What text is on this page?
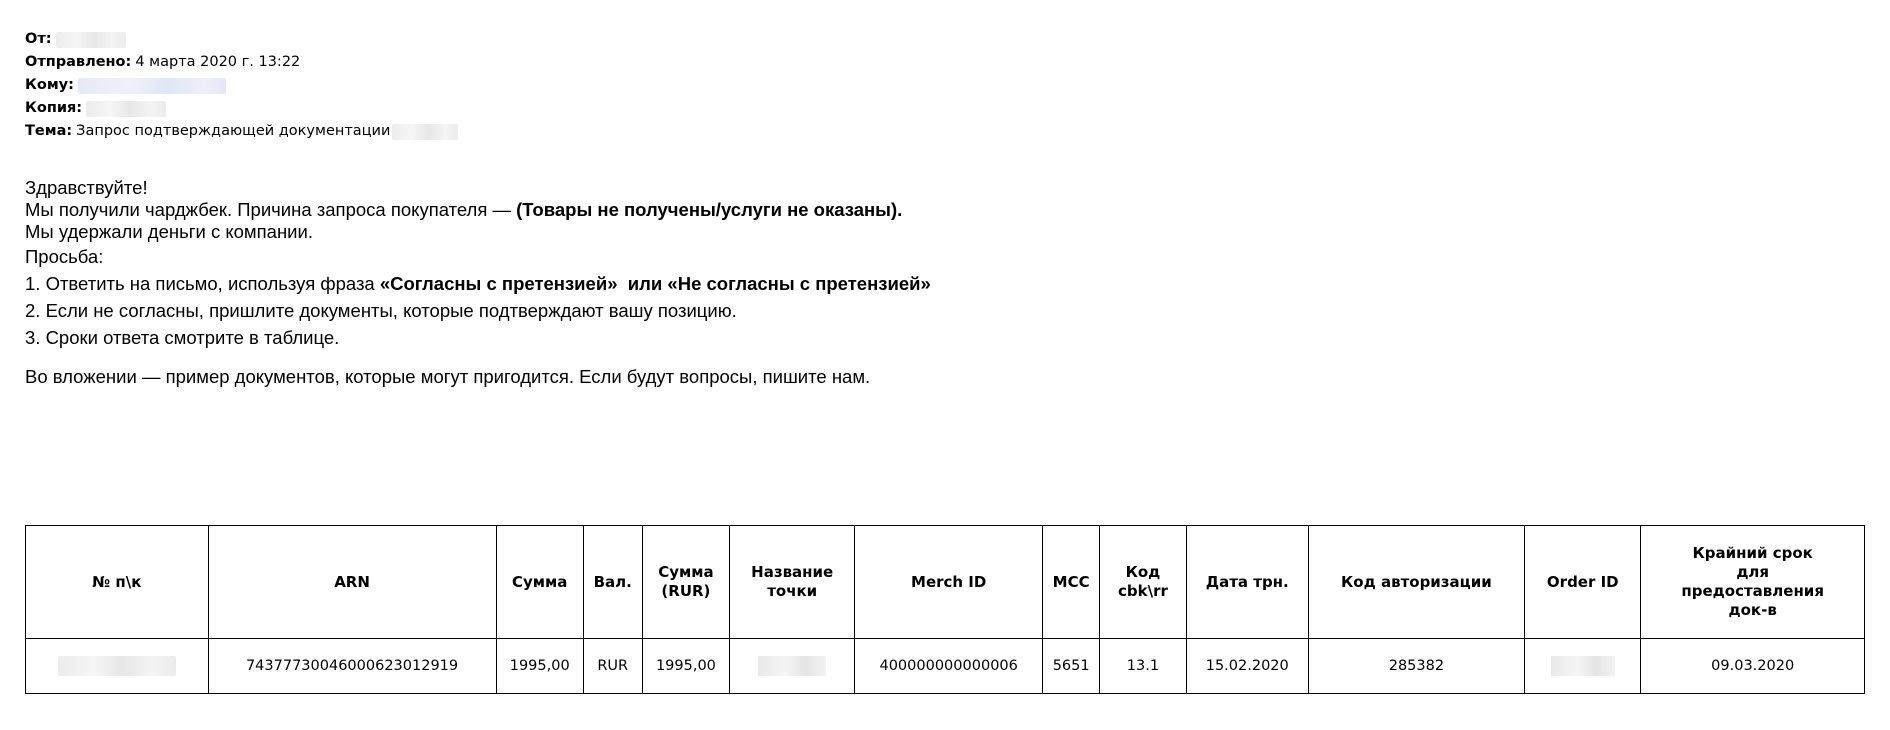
От:
Отправлено: 4 марта 2020 г. 13:22
Кому:
Копия:
Тема: Запрос подтверждающей документации

Здравствуйте!

Мы получили чарджбек. Причина запроса покупателя — (Товары не получены/услуги не оказаны).

Мы удержали деньги с компании.

Просьба:

1. Ответить на письмо, используя фраза «Согласны с претензией»  или «Не согласны с претензией»

2. Если не согласны, пришлите документы, которые подтверждают вашу позицию.

3. Сроки ответа смотрите в таблице.

Во вложении — пример документов, которые могут пригодится. Если будут вопросы, пишите нам.

№ п\к	ARN	Сумма	Вал.	Сумма (RUR)	Название точки	Merch ID	MCC	Код cbk\rr	Дата трн.	Код авторизации	Order ID	Крайний срок для предоставления док-в
	74377730046000623012919	1995,00	RUR	1995,00		400000000000006	5651	13.1	15.02.2020	285382		09.03.2020
